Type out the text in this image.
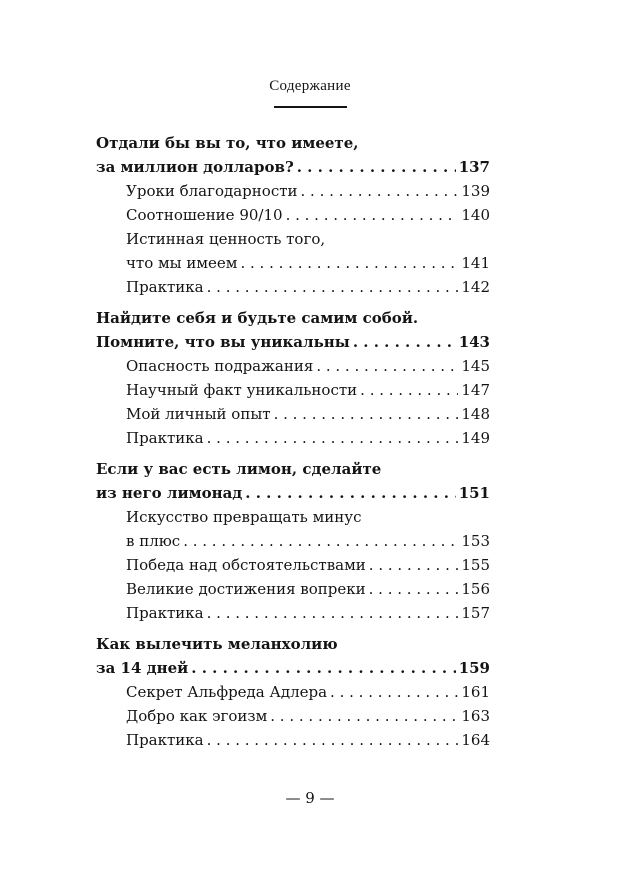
Содержание
Отдали бы вы то, что имеете,
за миллион долларов? . . .	137
Уроки благодарности . . .	139
Соотношение 90/10 . . .	140
Истинная ценность того,
что мы имеем . . .	141
Практика . . .	142
Найдите себя и будьте самим собой.
Помните, что вы уникальны . . .	143
Опасность подражания . . .	145
Научный факт уникальности . . .	147
Мой личный опыт . . .	148
Практика . . .	149
Если у вас есть лимон, сделайте
из него лимонад . . .	151
Искусство превращать минус
в плюс . . .	153
Победа над обстоятельствами . . .	155
Великие достижения вопреки . . .	156
Практика . . .	157
Как вылечить меланхолию
за 14 дней . . .	159
Секрет Альфреда Адлера . . .	161
Добро как эгоизм . . .	163
Практика . . .	164
— 9 —
